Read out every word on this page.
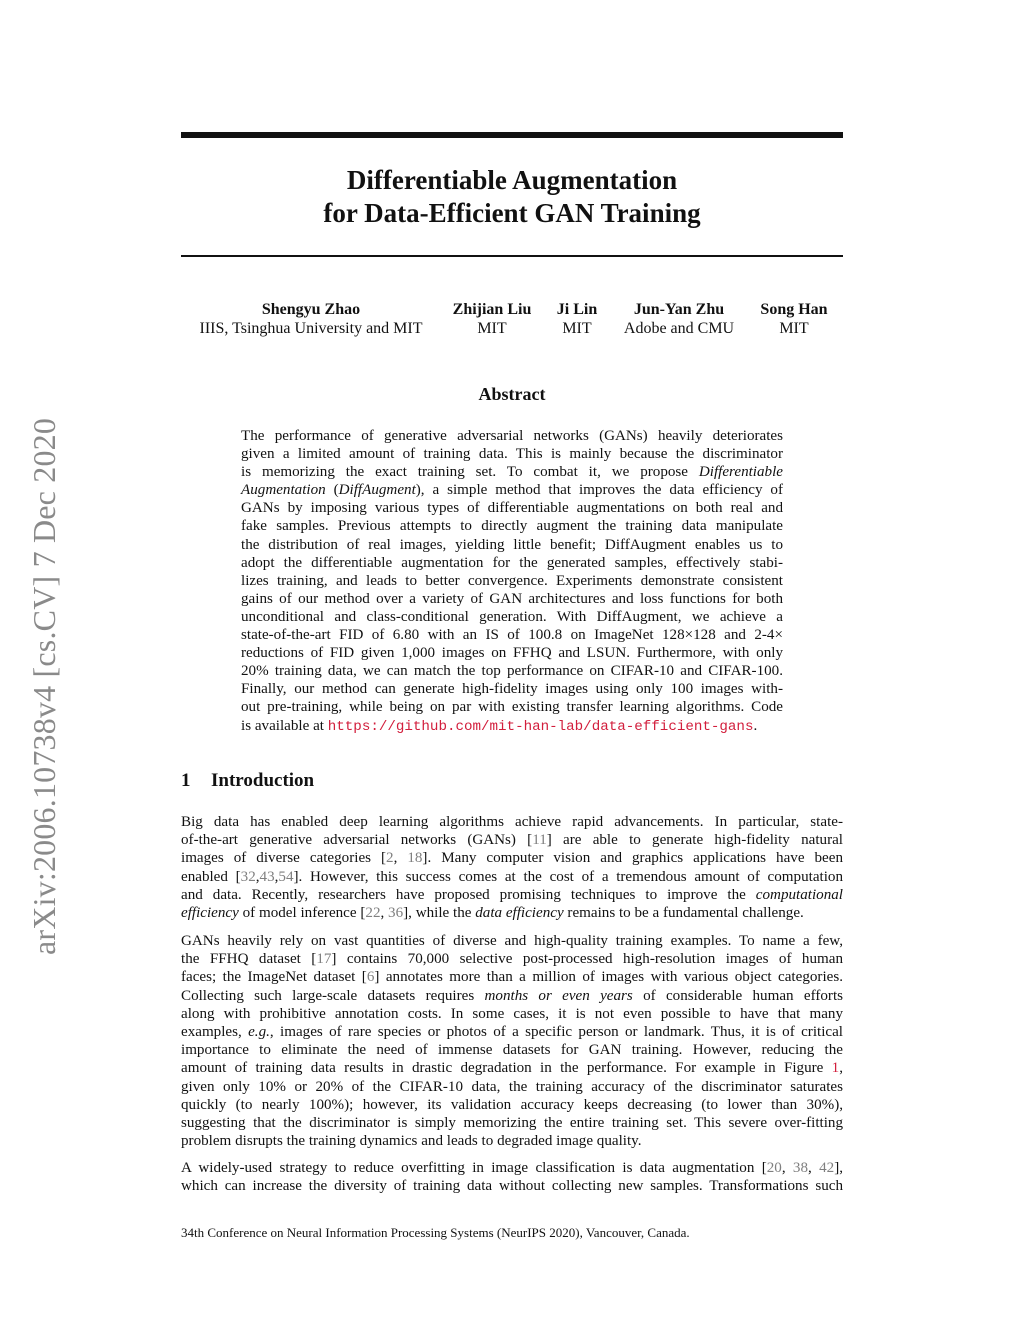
arXiv:2006.10738v4 [cs.CV] 7 Dec 2020
Differentiable Augmentation
for Data-Efficient GAN Training
Shengyu Zhao
IIIS, Tsinghua University and MIT
Zhijian Liu
MIT
Ji Lin
MIT
Jun-Yan Zhu
Adobe and CMU
Song Han
MIT
Abstract
The performance of generative adversarial networks (GANs) heavily deteriorates
given a limited amount of training data. This is mainly because the discriminator
is memorizing the exact training set. To combat it, we propose Differentiable
Augmentation (DiffAugment), a simple method that improves the data efficiency of
GANs by imposing various types of differentiable augmentations on both real and
fake samples. Previous attempts to directly augment the training data manipulate
the distribution of real images, yielding little benefit; DiffAugment enables us to
adopt the differentiable augmentation for the generated samples, effectively stabi-
lizes training, and leads to better convergence. Experiments demonstrate consistent
gains of our method over a variety of GAN architectures and loss functions for both
unconditional and class-conditional generation. With DiffAugment, we achieve a
state-of-the-art FID of 6.80 with an IS of 100.8 on ImageNet 128×128 and 2-4×
reductions of FID given 1,000 images on FFHQ and LSUN. Furthermore, with only
20% training data, we can match the top performance on CIFAR-10 and CIFAR-100.
Finally, our method can generate high-fidelity images using only 100 images with-
out pre-training, while being on par with existing transfer learning algorithms. Code
is available at https://github.com/mit-han-lab/data-efficient-gans.
1 Introduction
Big data has enabled deep learning algorithms achieve rapid advancements. In particular, state-
of-the-art generative adversarial networks (GANs) [11] are able to generate high-fidelity natural
images of diverse categories [2, 18]. Many computer vision and graphics applications have been
enabled [32,43,54]. However, this success comes at the cost of a tremendous amount of computation
and data. Recently, researchers have proposed promising techniques to improve the computational
efficiency of model inference [22, 36], while the data efficiency remains to be a fundamental challenge.
GANs heavily rely on vast quantities of diverse and high-quality training examples. To name a few,
the FFHQ dataset [17] contains 70,000 selective post-processed high-resolution images of human
faces; the ImageNet dataset [6] annotates more than a million of images with various object categories.
Collecting such large-scale datasets requires months or even years of considerable human efforts
along with prohibitive annotation costs. In some cases, it is not even possible to have that many
examples, e.g., images of rare species or photos of a specific person or landmark. Thus, it is of critical
importance to eliminate the need of immense datasets for GAN training. However, reducing the
amount of training data results in drastic degradation in the performance. For example in Figure 1,
given only 10% or 20% of the CIFAR-10 data, the training accuracy of the discriminator saturates
quickly (to nearly 100%); however, its validation accuracy keeps decreasing (to lower than 30%),
suggesting that the discriminator is simply memorizing the entire training set. This severe over-fitting
problem disrupts the training dynamics and leads to degraded image quality.
A widely-used strategy to reduce overfitting in image classification is data augmentation [20, 38, 42],
which can increase the diversity of training data without collecting new samples. Transformations such
34th Conference on Neural Information Processing Systems (NeurIPS 2020), Vancouver, Canada.
